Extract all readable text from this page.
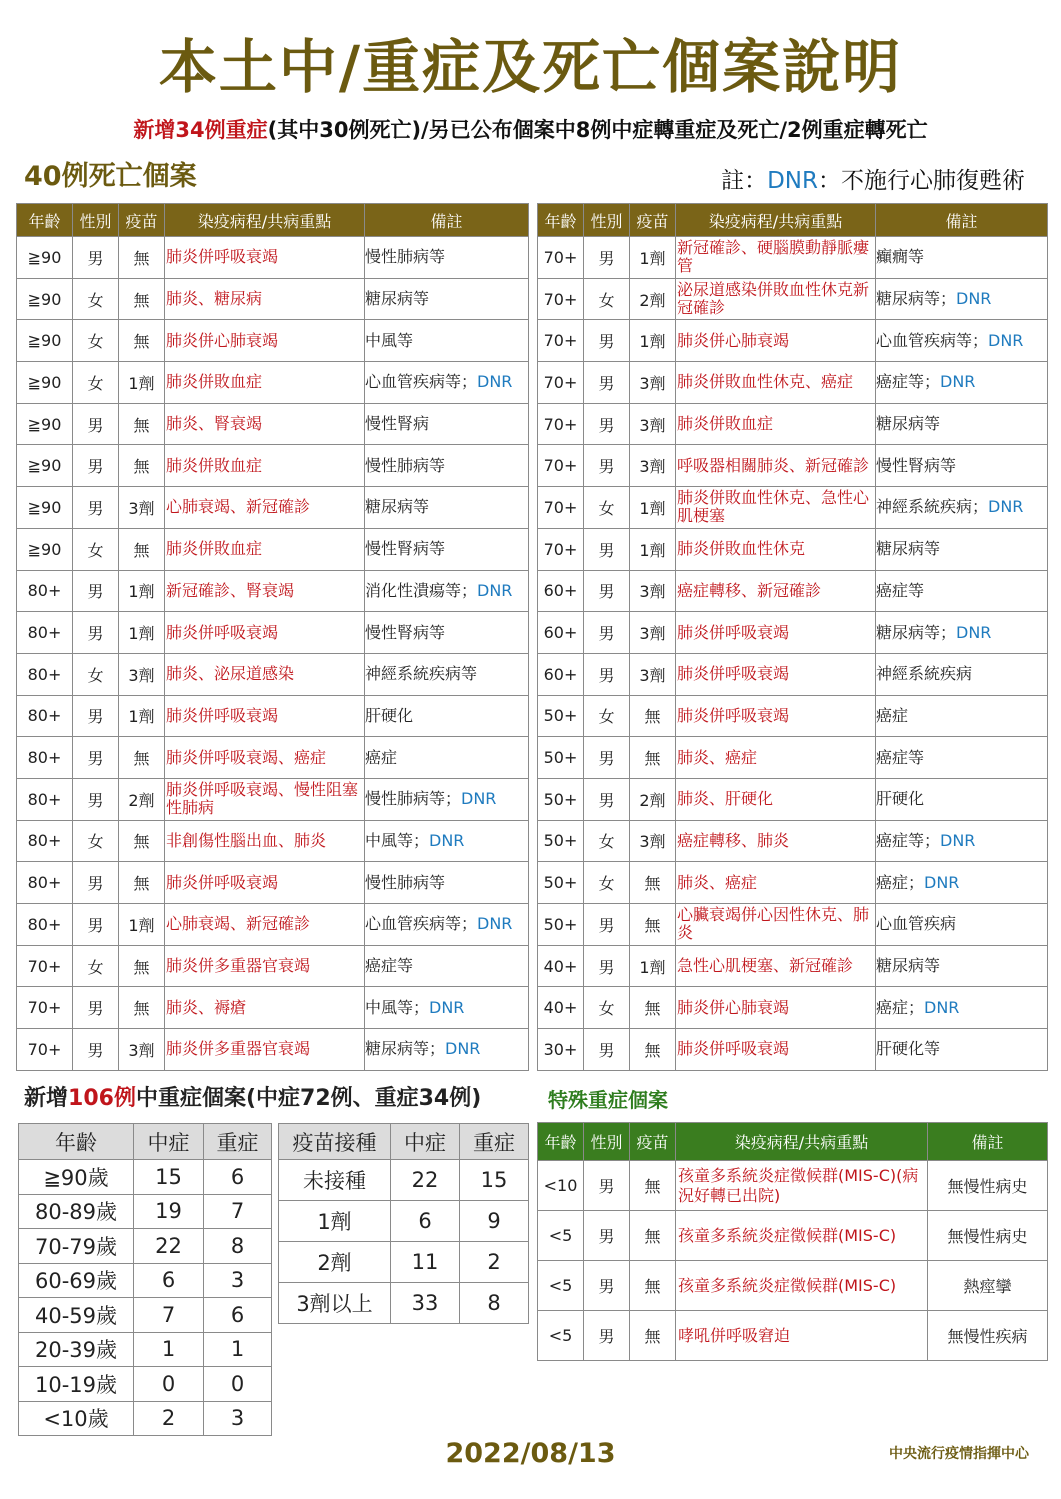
本土中/重症及死亡個案說明
新增34例重症(其中30例死亡)/另已公布個案中8例中症轉重症及死亡/2例重症轉死亡
40例死亡個案	註：DNR：不施行心肺復甦術
年齡	性別	疫苗	染疫病程/共病重點	備註
≧90	男	無	肺炎併呼吸衰竭	慢性肺病等
≧90	女	無	肺炎、糖尿病	糖尿病等
≧90	女	無	肺炎併心肺衰竭	中風等
≧90	女	1劑	肺炎併敗血症	心血管疾病等；DNR
≧90	男	無	肺炎、腎衰竭	慢性腎病
≧90	男	無	肺炎併敗血症	慢性肺病等
≧90	男	3劑	心肺衰竭、新冠確診	糖尿病等
≧90	女	無	肺炎併敗血症	慢性腎病等
80+	男	1劑	新冠確診、腎衰竭	消化性潰瘍等；DNR
80+	男	1劑	肺炎併呼吸衰竭	慢性腎病等
80+	女	3劑	肺炎、泌尿道感染	神經系統疾病等
80+	男	1劑	肺炎併呼吸衰竭	肝硬化
80+	男	無	肺炎併呼吸衰竭、癌症	癌症
80+	男	2劑	肺炎併呼吸衰竭、慢性阻塞性肺病	慢性肺病等；DNR
80+	女	無	非創傷性腦出血、肺炎	中風等；DNR
80+	男	無	肺炎併呼吸衰竭	慢性肺病等
80+	男	1劑	心肺衰竭、新冠確診	心血管疾病等；DNR
70+	女	無	肺炎併多重器官衰竭	癌症等
70+	男	無	肺炎、褥瘡	中風等；DNR
70+	男	3劑	肺炎併多重器官衰竭	糖尿病等；DNR
年齡	性別	疫苗	染疫病程/共病重點	備註
70+	男	1劑	新冠確診、硬腦膜動靜脈瘻管	癲癇等
70+	女	2劑	泌尿道感染併敗血性休克新冠確診	糖尿病等；DNR
70+	男	1劑	肺炎併心肺衰竭	心血管疾病等；DNR
70+	男	3劑	肺炎併敗血性休克、癌症	癌症等；DNR
70+	男	3劑	肺炎併敗血症	糖尿病等
70+	男	3劑	呼吸器相關肺炎、新冠確診	慢性腎病等
70+	女	1劑	肺炎併敗血性休克、急性心肌梗塞	神經系統疾病；DNR
70+	男	1劑	肺炎併敗血性休克	糖尿病等
60+	男	3劑	癌症轉移、新冠確診	癌症等
60+	男	3劑	肺炎併呼吸衰竭	糖尿病等；DNR
60+	男	3劑	肺炎併呼吸衰竭	神經系統疾病
50+	女	無	肺炎併呼吸衰竭	癌症
50+	男	無	肺炎、癌症	癌症等
50+	男	2劑	肺炎、肝硬化	肝硬化
50+	女	3劑	癌症轉移、肺炎	癌症等；DNR
50+	女	無	肺炎、癌症	癌症；DNR
50+	男	無	心臟衰竭併心因性休克、肺炎	心血管疾病
40+	男	1劑	急性心肌梗塞、新冠確診	糖尿病等
40+	女	無	肺炎併心肺衰竭	癌症；DNR
30+	男	無	肺炎併呼吸衰竭	肝硬化等
新增106例中重症個案(中症72例、重症34例)	特殊重症個案
年齡	中症	重症
≧90歲	15	6
80-89歲	19	7
70-79歲	22	8
60-69歲	6	3
40-59歲	7	6
20-39歲	1	1
10-19歲	0	0
<10歲	2	3
疫苗接種	中症	重症
未接種	22	15
1劑	6	9
2劑	11	2
3劑以上	33	8
年齡	性別	疫苗	染疫病程/共病重點	備註
<10	男	無	孩童多系統炎症徵候群(MIS-C)(病況好轉已出院)	無慢性病史
<5	男	無	孩童多系統炎症徵候群(MIS-C)	無慢性病史
<5	男	無	孩童多系統炎症徵候群(MIS-C)	熱痙攣
<5	男	無	哮吼併呼吸窘迫	無慢性疾病
2022/08/13	中央流行疫情指揮中心
